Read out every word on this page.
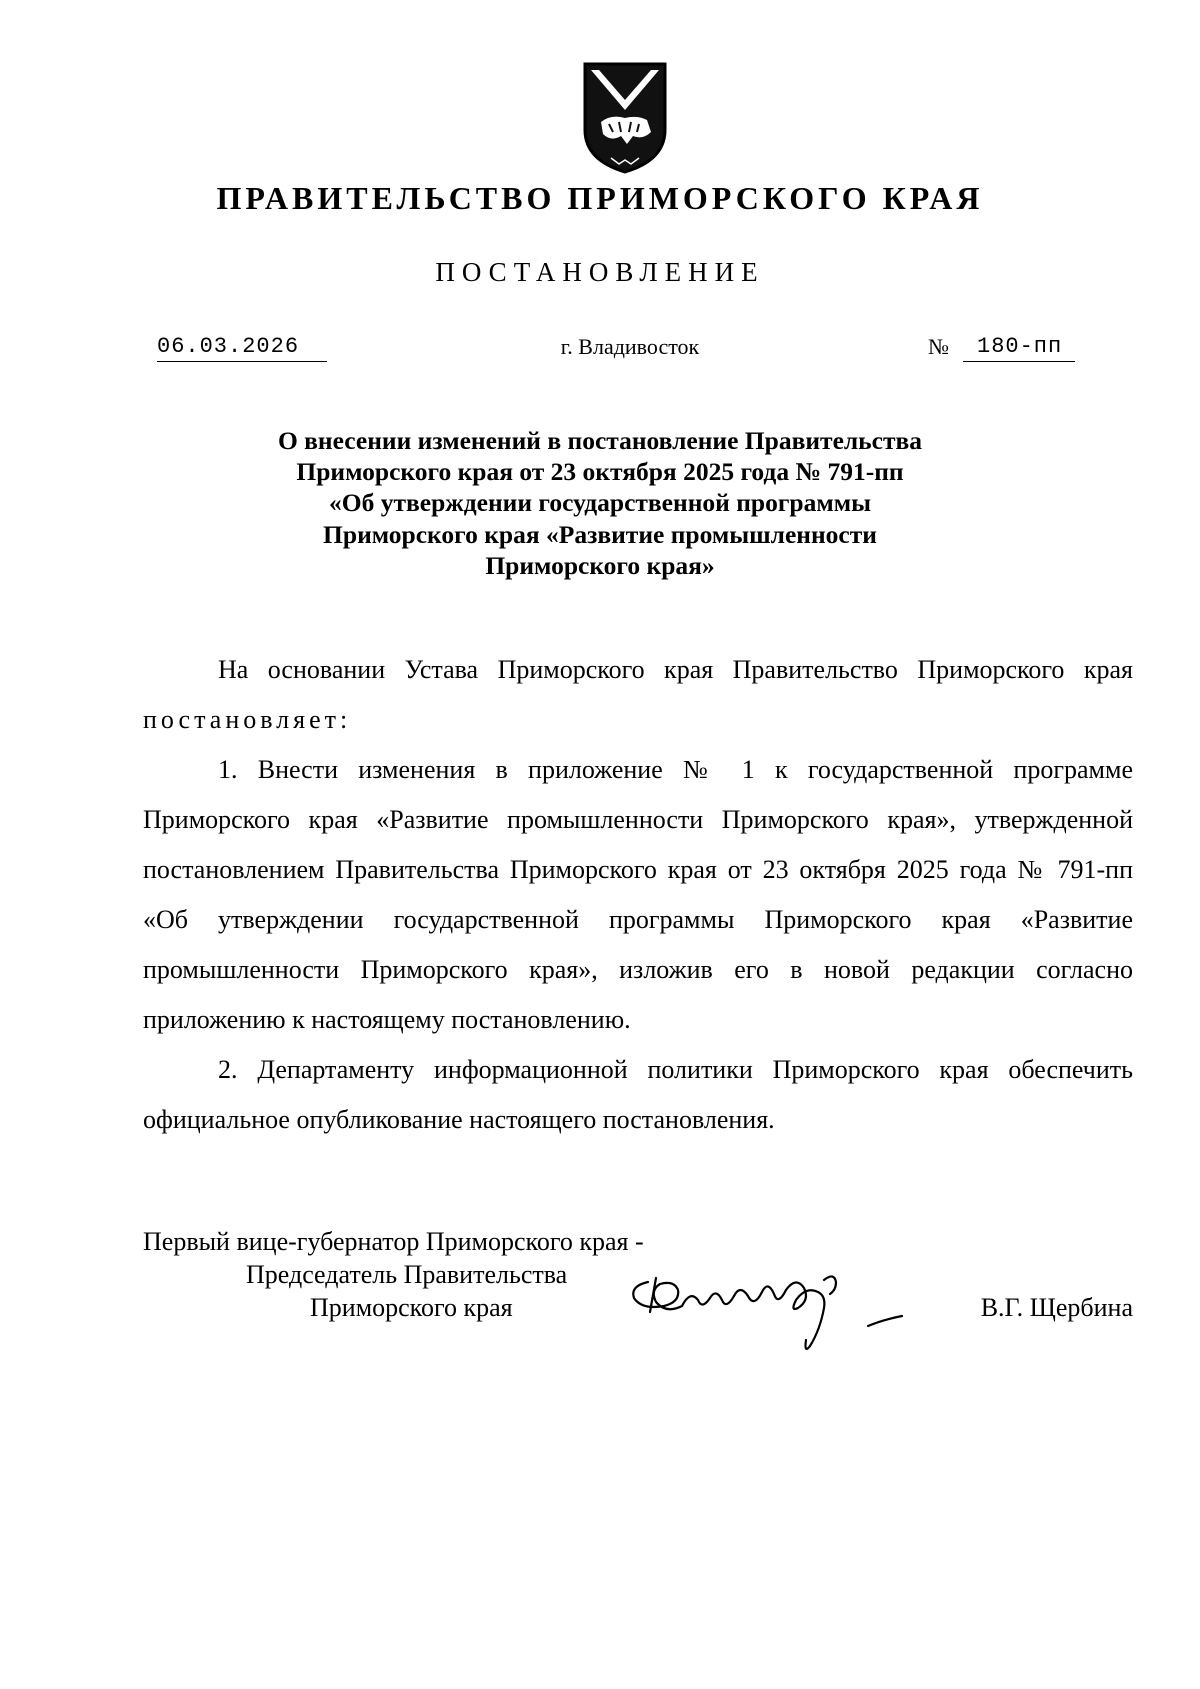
ПРАВИТЕЛЬСТВО ПРИМОРСКОГО КРАЯ
ПОСТАНОВЛЕНИЕ
06.03.2026	г. Владивосток	№	180-пп
О внесении изменений в постановление Правительства
Приморского края от 23 октября 2025 года № 791-пп
«Об утверждении государственной программы
Приморского края «Развитие промышленности
Приморского края»

На основании Устава Приморского края Правительство Приморского края постановляет:

1. Внести изменения в приложение № 1 к государственной программе Приморского края «Развитие промышленности Приморского края», утвержденной постановлением Правительства Приморского края от 23 октября 2025 года № 791-пп «Об утверждении государственной программы Приморского края «Развитие промышленности Приморского края», изложив его в новой редакции согласно приложению к настоящему постановлению.

2. Департаменту информационной политики Приморского края обеспечить официальное опубликование настоящего постановления.

Первый вице-губернатор Приморского края -
Председатель Правительства
Приморского края	В.Г. Щербина
